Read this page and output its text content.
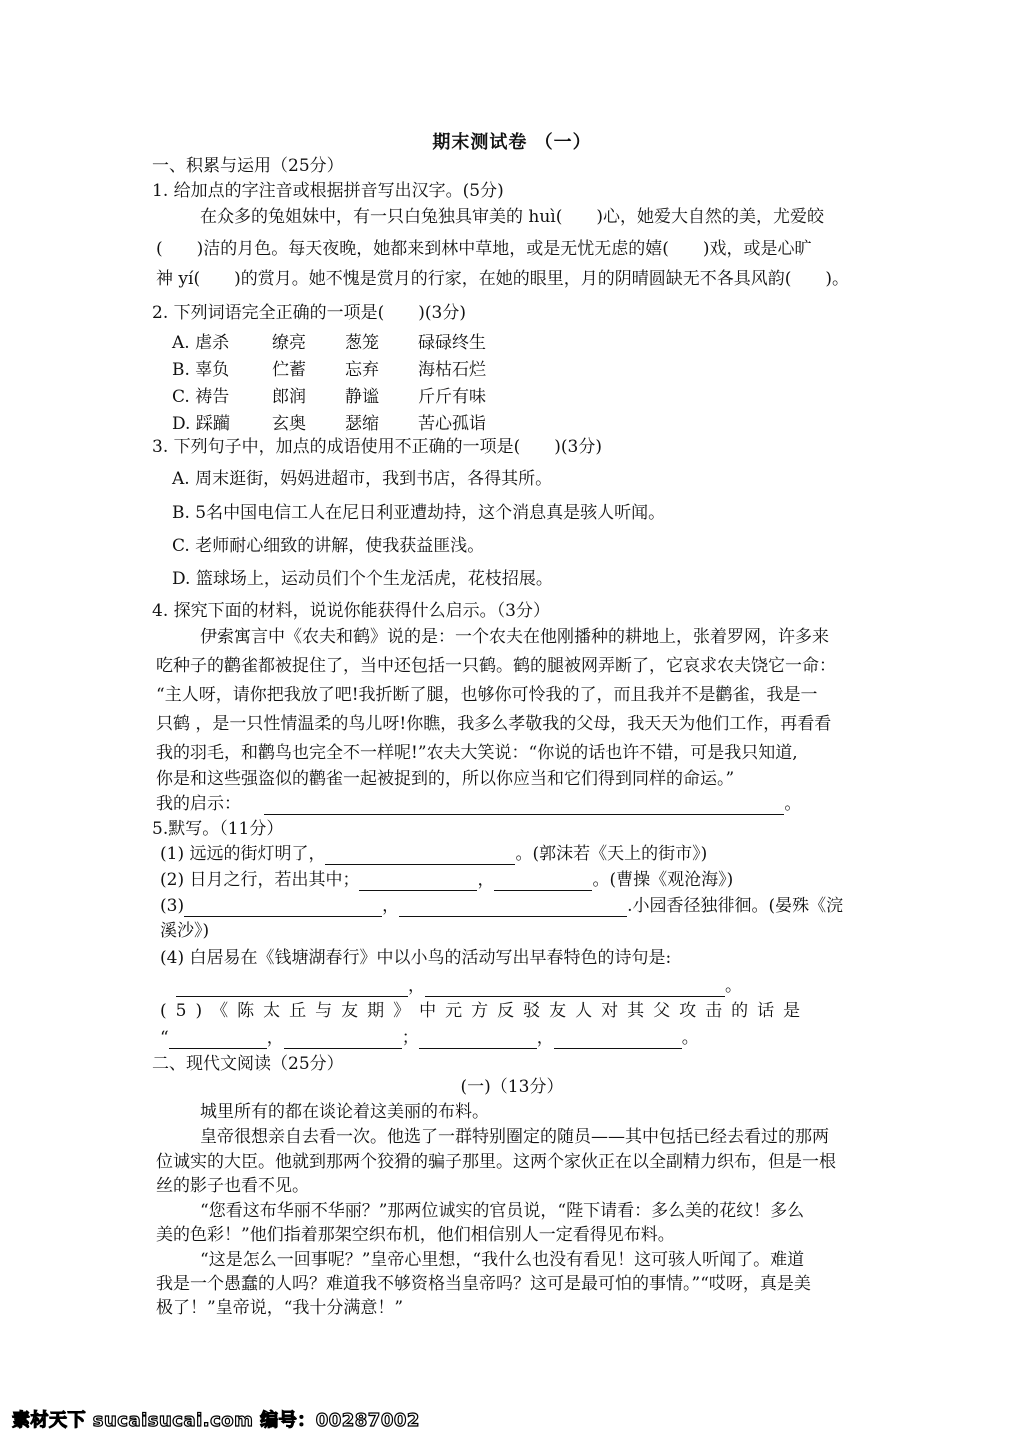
期末测试卷 （一）
一、积累与运用（25分）
1. 给加点的字注音或根据拼音写出汉字。(5分)
在众多的兔姐妹中，有一只白兔独具审美的 huì(　　)心，她爱大自然的美，尤爱皎
(　　)洁的月色。每天夜晚，她都来到林中草地，或是无忧无虑的嬉(　　)戏，或是心旷
神 yí(　　)的赏月。她不愧是赏月的行家，在她的眼里，月的阴晴圆缺无不各具风韵(　　)。
2. 下列词语完全正确的一项是(　　)(3分)
A. 虐杀	缭亮 葱笼 碌碌终生
B. 辜负	伫蓄 忘弃 海枯石烂
C. 祷告	郎润 静谧 斤斤有味
D. 踩躏 玄奥 瑟缩 苦心孤诣
3. 下列句子中，加点的成语使用不正确的一项是(　　)(3分)
A. 周末逛街，妈妈进超市，我到书店，各得其所。
B. 5名中国电信工人在尼日利亚遭劫持，这个消息真是骇人听闻。
C. 老师耐心细致的讲解，使我获益匪浅。
D. 篮球场上，运动员们个个生龙活虎，花枝招展。
4. 探究下面的材料，说说你能获得什么启示。（3分）
伊索寓言中《农夫和鹤》说的是：一个农夫在他刚播种的耕地上，张着罗网，许多来
吃种子的鹳雀都被捉住了，当中还包括一只鹤。鹤的腿被网弄断了，它哀求农夫饶它一命：
“主人呀，请你把我放了吧!我折断了腿，也够你可怜我的了，而且我并不是鹳雀，我是一
只鹤 ，是一只性情温柔的鸟儿呀!你瞧，我多么孝敬我的父母，我天天为他们工作，再看看
我的羽毛，和鹳鸟也完全不一样呢!”农夫大笑说：“你说的话也许不错，可是我只知道,
你是和这些强盗似的鹳雀一起被捉到的，所以你应当和它们得到同样的命运。”
我的启示：	。
5.默写。（11分）
(1) 远远的街灯明了，	。(郭沫若《天上的街市》)
(2) 日月之行，若出其中；	，	。(曹操《观沧海》)
(3)	，	.小园香径独徘徊。(晏殊《浣
溪沙》)
(4) 白居易在《钱塘湖春行》中以小鸟的活动写出早春特色的诗句是:
，	。
(5)《陈太丘与友期》中元方反驳友人对其父攻击的话是
“	，	；	，	。
二、现代文阅读（25分）
(一)（13分）
城里所有的都在谈论着这美丽的布料。
皇帝很想亲自去看一次。他选了一群特别圈定的随员——其中包括已经去看过的那两
位诚实的大臣。他就到那两个狡猾的骗子那里。这两个家伙正在以全副精力织布，但是一根
丝的影子也看不见。
“您看这布华丽不华丽？”那两位诚实的官员说，“陛下请看：多么美的花纹！多么
美的色彩！”他们指着那架空织布机，他们相信别人一定看得见布料。
“这是怎么一回事呢？”皇帝心里想，“我什么也没有看见！这可骇人听闻了。难道
我是一个愚蠢的人吗？难道我不够资格当皇帝吗？这可是最可怕的事情。”“哎呀，真是美
极了！”皇帝说，“我十分满意！”
素材天下 sucaisucai.com 编号：00287002
